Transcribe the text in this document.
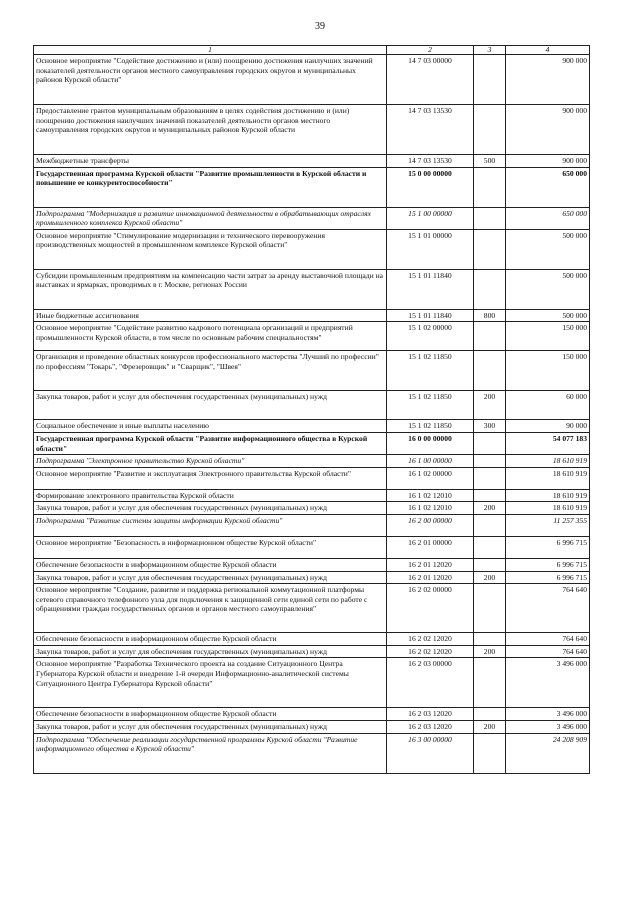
39
1	2	3	4
Основное мероприятие "Содействие достижению и (или) поощрению достижения наилучших значений показателей деятельности органов местного самоуправления городских округов и муниципальных районов Курской области"	14 7 03 00000		900 000
Предоставление грантов муниципальным образованиям в целях содействия достижению и (или) поощрению достижения наилучших значений показателей деятельности органов местного самоуправления городских округов и муниципальных районов Курской области	14 7 03 13530		900 000
Межбюджетные трансферты	14 7 03 13530	500	900 000
Государственная программа Курской области "Развитие промышленности в Курской области и повышение ее конкурентоспособности"	15 0 00 00000		650 000
Подпрограмма "Модернизация и развитие инновационной деятельности в обрабатывающих отраслях промышленного комплекса Курской области"	15 1 00 00000		650 000
Основное мероприятие "Стимулирование модернизации и технического перевооружения производственных мощностей в промышленном комплексе Курской области"	15 1 01 00000		500 000
Субсидии промышленным предприятиям на компенсацию части затрат за аренду выставочной площади на выставках и ярмарках, проводимых в г. Москве, регионах России	15 1 01 11840		500 000
Иные бюджетные ассигнования	15 1 01 11840	800	500 000
Основное мероприятие "Содействие развитию кадрового потенциала организаций и предприятий промышленности Курской области, в том числе по основным рабочим специальностям"	15 1 02 00000		150 000
Организация и проведение областных конкурсов профессионального мастерства "Лучший по профессии" по профессиям "Токарь", "Фрезеровщик" и "Сварщик", "Швея"	15 1 02 11850		150 000
Закупка товаров, работ и услуг для обеспечения государственных (муниципальных) нужд	15 1 02 11850	200	60 000
Социальное обеспечение и иные выплаты населению	15 1 02 11850	300	90 000
Государственная программа Курской области "Развитие информационного общества в Курской области"	16 0 00 00000		54 077 183
Подпрограмма "Электронное правительство Курской области"	16 1 00 00000		18 610 919
Основное мероприятие "Развитие и эксплуатация Электронного правительства Курской области"	16 1 02 00000		18 610 919
Формирование электронного правительства Курской области	16 1 02 12010		18 610 919
Закупка товаров, работ и услуг для обеспечения государственных (муниципальных) нужд	16 1 02 12010	200	18 610 919
Подпрограмма "Развитие системы защиты информации Курской области"	16 2 00 00000		11 257 355
Основное мероприятие "Безопасность в информационном обществе Курской области"	16 2 01 00000		6 996 715
Обеспечение безопасности в информационном обществе Курской области	16 2 01 12020		6 996 715
Закупка товаров, работ и услуг для обеспечения государственных (муниципальных) нужд	16 2 01 12020	200	6 996 715
Основное мероприятие "Создание, развитие и поддержка региональной коммутационной платформы сетевого справочного телефонного узла для подключения к защищенной сети единой сети по работе с обращениями граждан государственных органов и органов местного самоуправления"	16 2 02 00000		764 640
Обеспечение безопасности в информационном обществе Курской области	16 2 02 12020		764 640
Закупка товаров, работ и услуг для обеспечения государственных (муниципальных) нужд	16 2 02 12020	200	764 640
Основное мероприятие "Разработка Технического проекта на создание Ситуационного Центра Губернатора Курской области и внедрение 1-й очереди Информационно-аналитической системы Ситуационного Центра Губернатора Курской области"	16 2 03 00000		3 496 000
Обеспечение безопасности в информационном обществе Курской области	16 2 03 12020		3 496 000
Закупка товаров, работ и услуг для обеспечения государственных (муниципальных) нужд	16 2 03 12020	200	3 496 000
Подпрограмма "Обеспечение реализации государственной программы Курской области "Развитие информационного общества в Курской области"	16 3 00 00000		24 208 909
